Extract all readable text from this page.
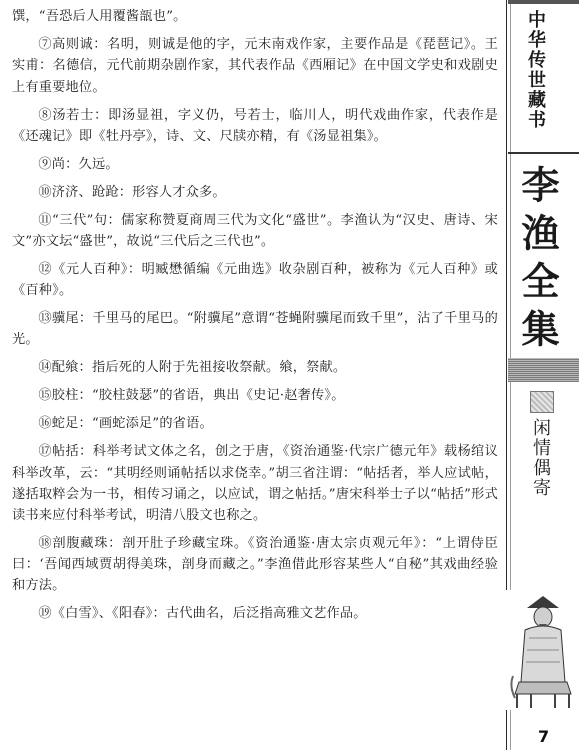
馔，“吾恐后人用覆酱瓿也”。

⑦高则诚：名明，则诚是他的字，元末南戏作家，主要作品是《琵琶记》。王实甫：名德信，元代前期杂剧作家，其代表作品《西厢记》在中国文学史和戏剧史上有重要地位。

⑧汤若士：即汤显祖，字义仍，号若士，临川人，明代戏曲作家，代表作是《还魂记》即《牡丹亭》，诗、文、尺牍亦精，有《汤显祖集》。

⑨尚：久远。

⑩济济、跄跄：形容人才众多。

⑪“三代”句：儒家称赞夏商周三代为文化“盛世”。李渔认为“汉史、唐诗、宋文”亦文坛“盛世”，故说“三代后之三代也”。

⑫《元人百种》：明臧懋循编《元曲选》收杂剧百种，被称为《元人百种》或《百种》。

⑬骥尾：千里马的尾巴。“附骥尾”意谓“苍蝇附骥尾而致千里”，沾了千里马的光。

⑭配飨：指后死的人附于先祖接收祭献。飨，祭献。

⑮胶柱：“胶柱鼓瑟”的省语，典出《史记·赵奢传》。

⑯蛇足：“画蛇添足”的省语。

⑰帖括：科举考试文体之名，创之于唐，《资治通鉴·代宗广德元年》载杨绾议科举改革，云：“其明经则诵帖括以求侥幸。”胡三省注谓：“帖括者，举人应试帖，遂括取粹会为一书，相传习诵之，以应试，谓之帖括。”唐宋科举士子以“帖括”形式读书来应付科举考试，明清八股文也称之。

⑱剖腹藏珠：剖开肚子珍藏宝珠。《资治通鉴·唐太宗贞观元年》：“上谓侍臣曰：‘吾闻西域贾胡得美珠，剖身而藏之。”李渔借此形容某些人“自秘”其戏曲经验和方法。

⑲《白雪》、《阳春》：古代曲名，后泛指高雅文艺作品。

中华传世藏书
李渔全集
闲情偶寄
7
